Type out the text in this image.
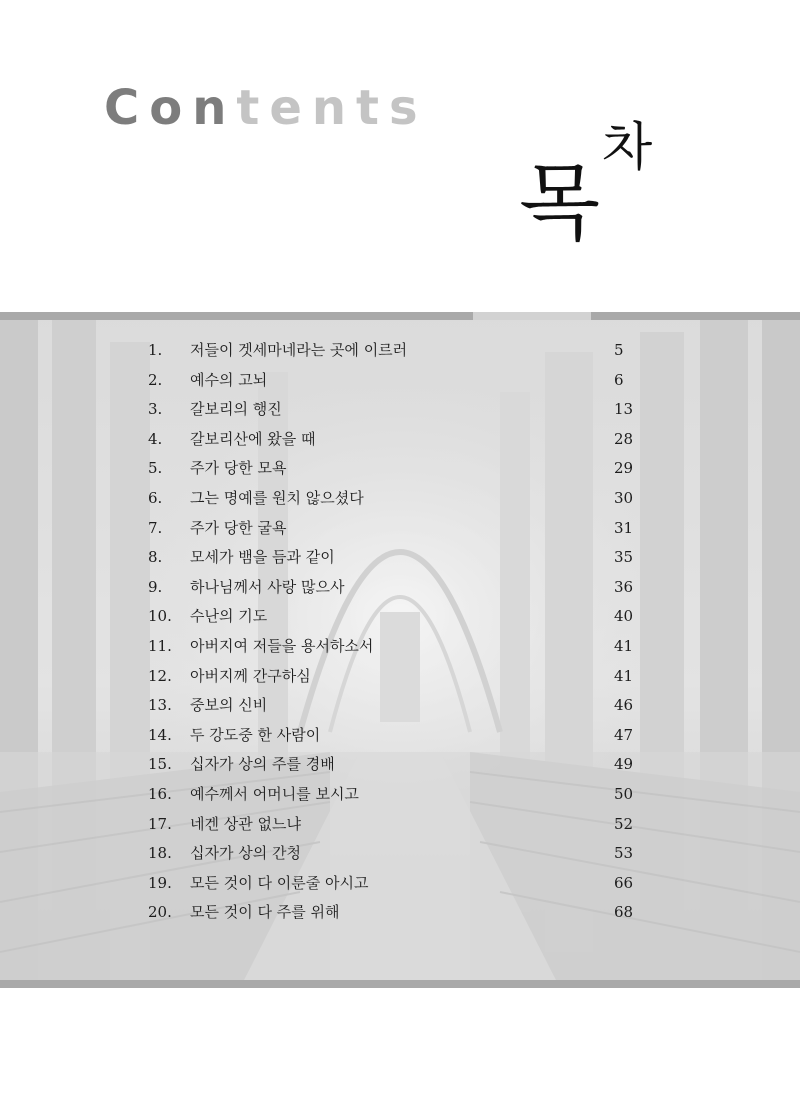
Contents
목
차
1. 저들이 겟세마네라는 곳에 이르러	5
2. 예수의 고뇌	6
3. 갈보리의 행진	13
4. 갈보리산에 왔을 때	28
5. 주가 당한 모욕	29
6. 그는 명예를 원치 않으셨다	30
7. 주가 당한 굴욕	31
8. 모세가 뱀을 듬과 같이	35
9. 하나님께서 사랑 많으사	36
10. 수난의 기도	40
11. 아버지여 저들을 용서하소서	41
12. 아버지께 간구하심	41
13. 중보의 신비	46
14. 두 강도중 한 사람이	47
15. 십자가 상의 주를 경배	49
16. 예수께서 어머니를 보시고	50
17. 네겐 상관 없느냐	52
18. 십자가 상의 간청	53
19. 모든 것이 다 이룬줄 아시고	66
20. 모든 것이 다 주를 위해	68
